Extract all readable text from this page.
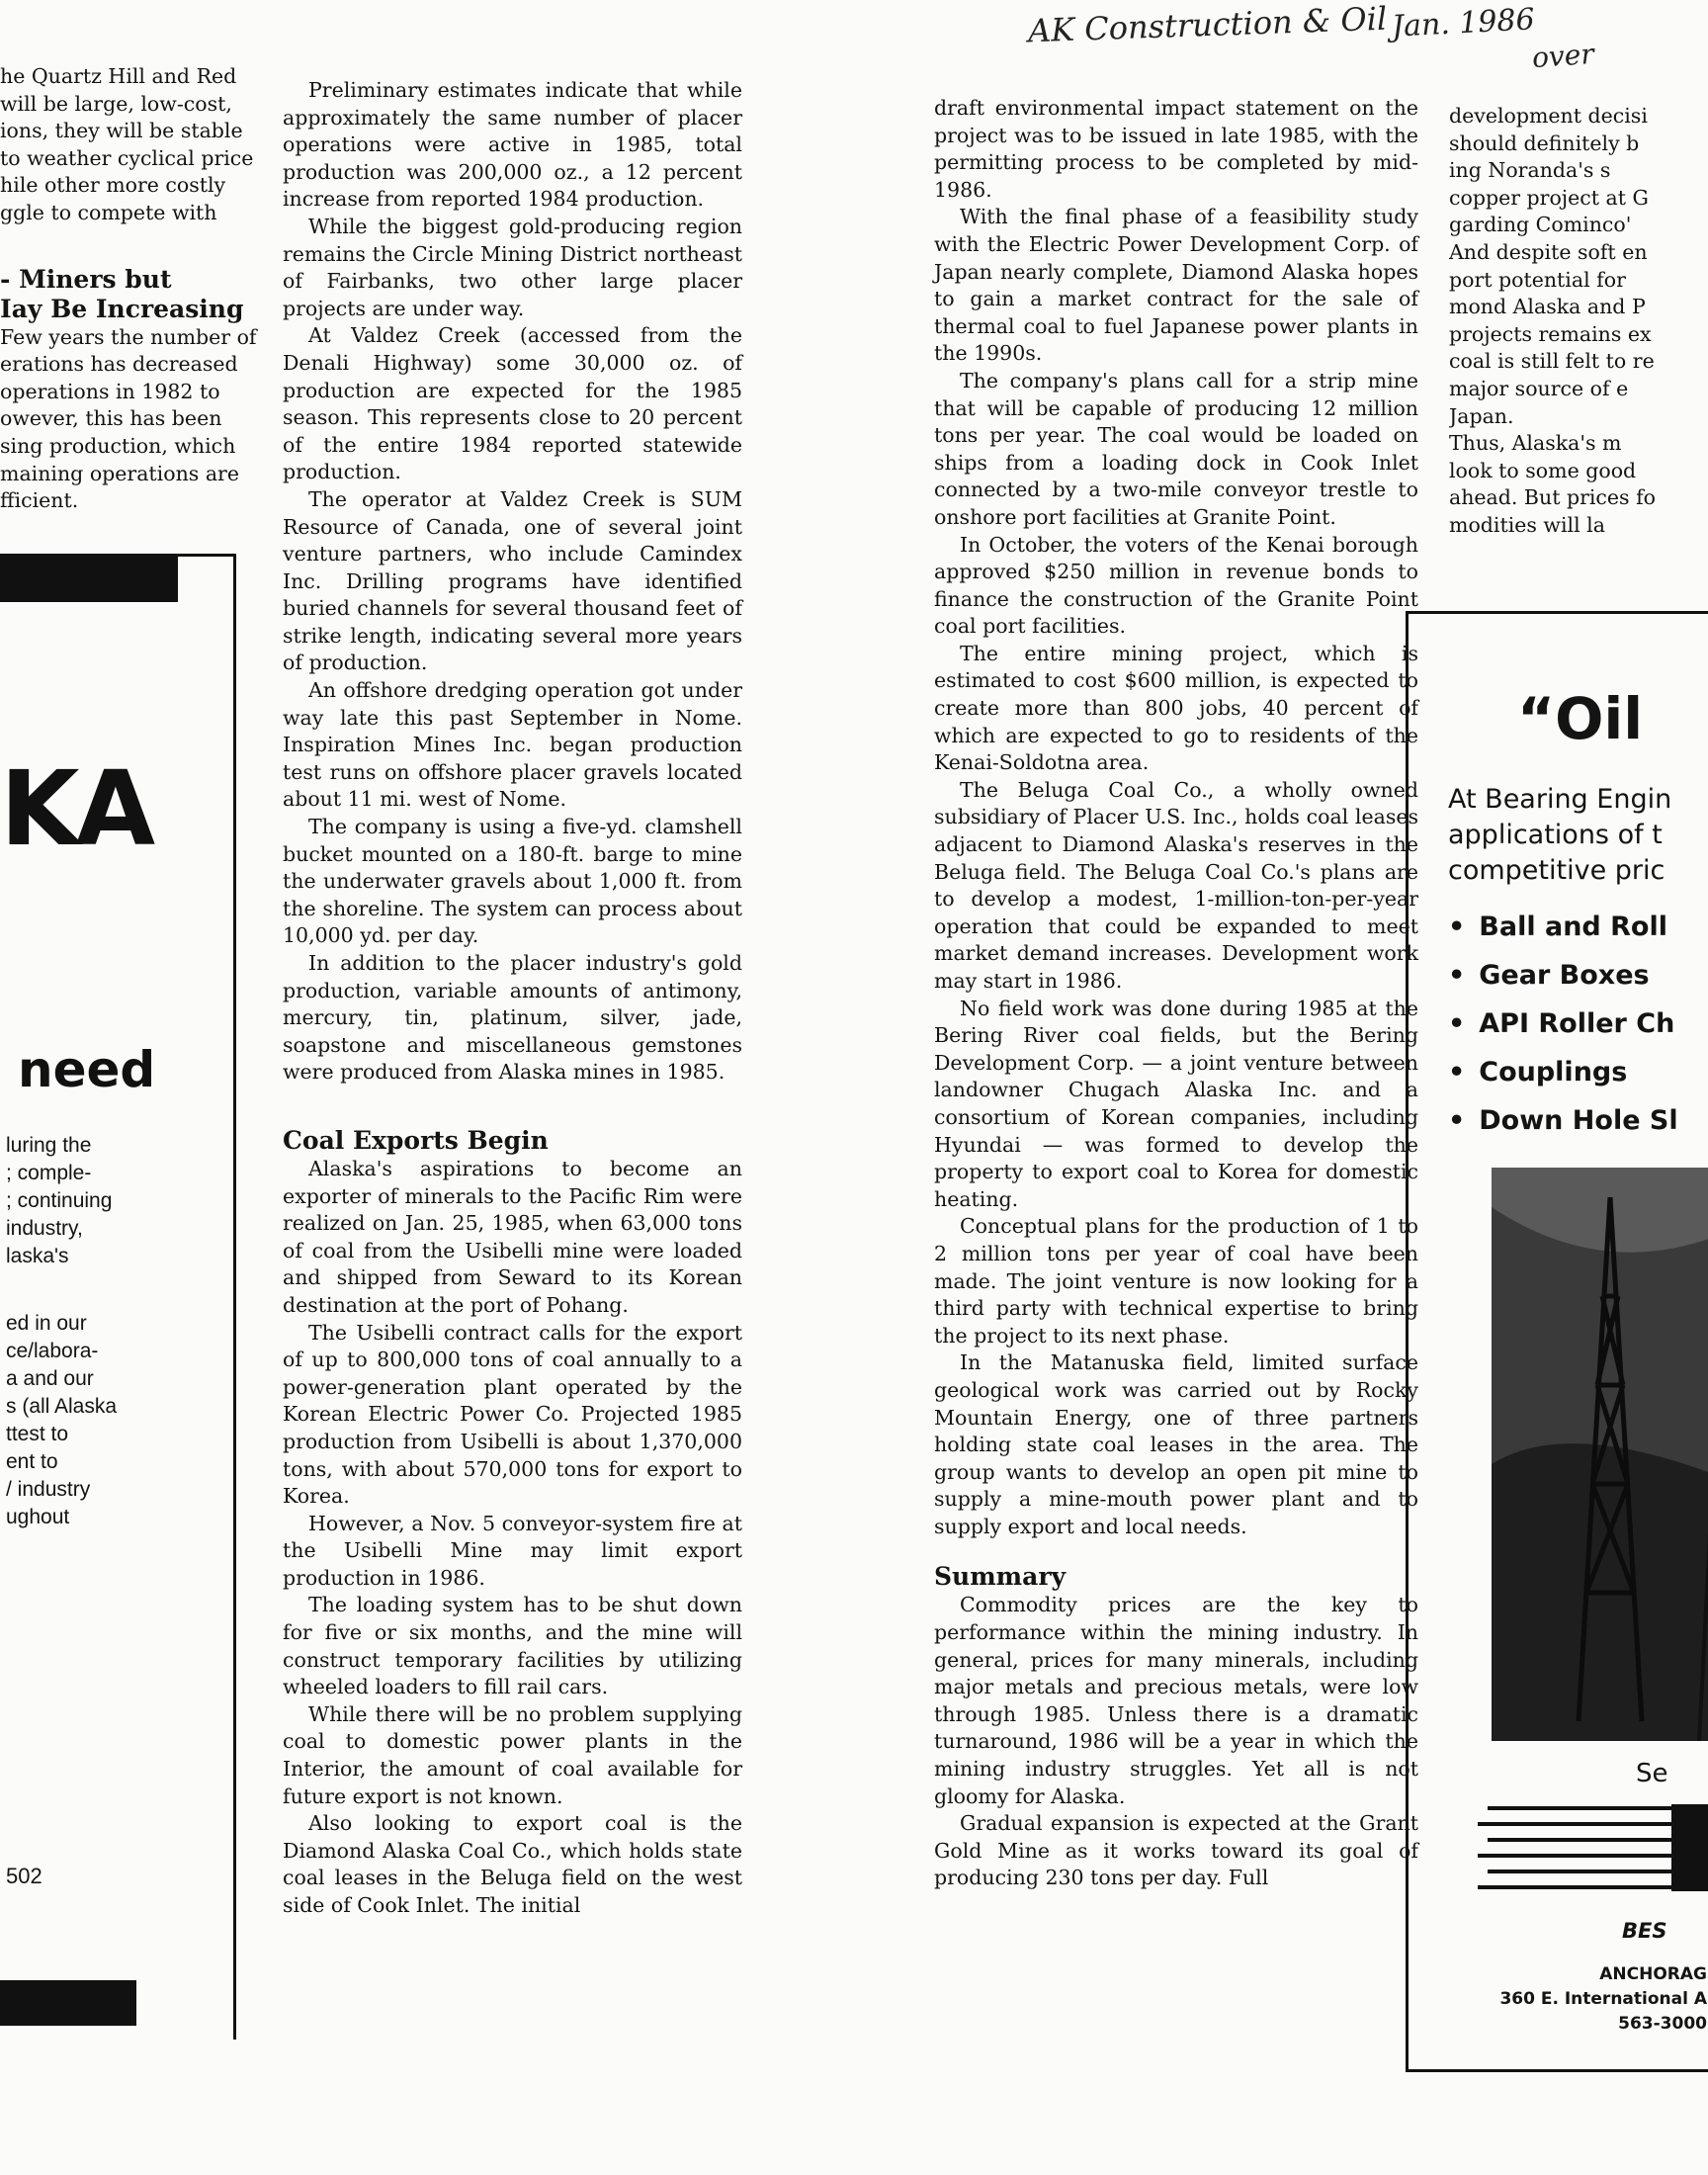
AK Construction & Oil Jan. 1986
over

he Quartz Hill and Red

will be large, low-cost,

ions, they will be stable

to weather cyclical price

hile other more costly

ggle to compete with

- Miners but
Iay Be Increasing

Few years the number of

erations has decreased

operations in 1982 to

owever, this has been

sing production, which

maining operations are

fficient.

KA
need
luring the
; comple-
; continuing
industry,
laska's
ed in our
ce/labora-
a and our
s (all Alaska
ttest to
ent to
/ industry
ughout
502

Preliminary estimates indicate that while approximately the same number of placer operations were active in 1985, total production was 200,000 oz., a 12 percent increase from reported 1984 production.

While the biggest gold-producing region remains the Circle Mining District northeast of Fairbanks, two other large placer projects are under way.

At Valdez Creek (accessed from the Denali Highway) some 30,000 oz. of production are expected for the 1985 season. This represents close to 20 percent of the entire 1984 reported statewide production.

The operator at Valdez Creek is SUM Resource of Canada, one of several joint venture partners, who include Camindex Inc. Drilling programs have identified buried channels for several thousand feet of strike length, indicating several more years of production.

An offshore dredging operation got under way late this past September in Nome. Inspiration Mines Inc. began production test runs on offshore placer gravels located about 11 mi. west of Nome.

The company is using a five-yd. clamshell bucket mounted on a 180-ft. barge to mine the underwater gravels about 1,000 ft. from the shoreline. The system can process about 10,000 yd. per day.

In addition to the placer industry's gold production, variable amounts of antimony, mercury, tin, platinum, silver, jade, soapstone and miscellaneous gemstones were produced from Alaska mines in 1985.

Coal Exports Begin

Alaska's aspirations to become an exporter of minerals to the Pacific Rim were realized on Jan. 25, 1985, when 63,000 tons of coal from the Usibelli mine were loaded and shipped from Seward to its Korean destination at the port of Pohang.

The Usibelli contract calls for the export of up to 800,000 tons of coal annually to a power-generation plant operated by the Korean Electric Power Co. Projected 1985 production from Usibelli is about 1,370,000 tons, with about 570,000 tons for export to Korea.

However, a Nov. 5 conveyor-system fire at the Usibelli Mine may limit export production in 1986.

The loading system has to be shut down for five or six months, and the mine will construct temporary facilities by utilizing wheeled loaders to fill rail cars.

While there will be no problem supplying coal to domestic power plants in the Interior, the amount of coal available for future export is not known.

Also looking to export coal is the Diamond Alaska Coal Co., which holds state coal leases in the Beluga field on the west side of Cook Inlet. The initial

draft environmental impact statement on the project was to be issued in late 1985, with the permitting process to be completed by mid-1986.

With the final phase of a feasibility study with the Electric Power Development Corp. of Japan nearly complete, Diamond Alaska hopes to gain a market contract for the sale of thermal coal to fuel Japanese power plants in the 1990s.

The company's plans call for a strip mine that will be capable of producing 12 million tons per year. The coal would be loaded on ships from a loading dock in Cook Inlet connected by a two-mile conveyor trestle to onshore port facilities at Granite Point.

In October, the voters of the Kenai borough approved $250 million in revenue bonds to finance the construction of the Granite Point coal port facilities.

The entire mining project, which is estimated to cost $600 million, is expected to create more than 800 jobs, 40 percent of which are expected to go to residents of the Kenai-Soldotna area.

The Beluga Coal Co., a wholly owned subsidiary of Placer U.S. Inc., holds coal leases adjacent to Diamond Alaska's reserves in the Beluga field. The Beluga Coal Co.'s plans are to develop a modest, 1-million-ton-per-year operation that could be expanded to meet market demand increases. Development work may start in 1986.

No field work was done during 1985 at the Bering River coal fields, but the Bering Development Corp. — a joint venture between landowner Chugach Alaska Inc. and a consortium of Korean companies, including Hyundai — was formed to develop the property to export coal to Korea for domestic heating.

Conceptual plans for the production of 1 to 2 million tons per year of coal have been made. The joint venture is now looking for a third party with technical expertise to bring the project to its next phase.

In the Matanuska field, limited surface geological work was carried out by Rocky Mountain Energy, one of three partners holding state coal leases in the area. The group wants to develop an open pit mine to supply a mine-mouth power plant and to supply export and local needs.

Summary

Commodity prices are the key to performance within the mining industry. In general, prices for many minerals, including major metals and precious metals, were low through 1985. Unless there is a dramatic turnaround, 1986 will be a year in which the mining industry struggles. Yet all is not gloomy for Alaska.

Gradual expansion is expected at the Grant Gold Mine as it works toward its goal of producing 230 tons per day. Full

development decisi

should definitely b

ing Noranda's s

copper project at G

garding Cominco'

And despite soft en

port potential for

mond Alaska and P

projects remains ex

coal is still felt to re

major source of e

Japan.

Thus, Alaska's m

look to some good

ahead. But prices fo

modities will la

“Oil
At Bearing Engin
applications of t
competitive pric
• Ball and Roll
• Gear Boxes
• API Roller Ch
• Couplings
• Down Hole Sl
Se
BES
ANCHORAG
360 E. International A
563-3000
